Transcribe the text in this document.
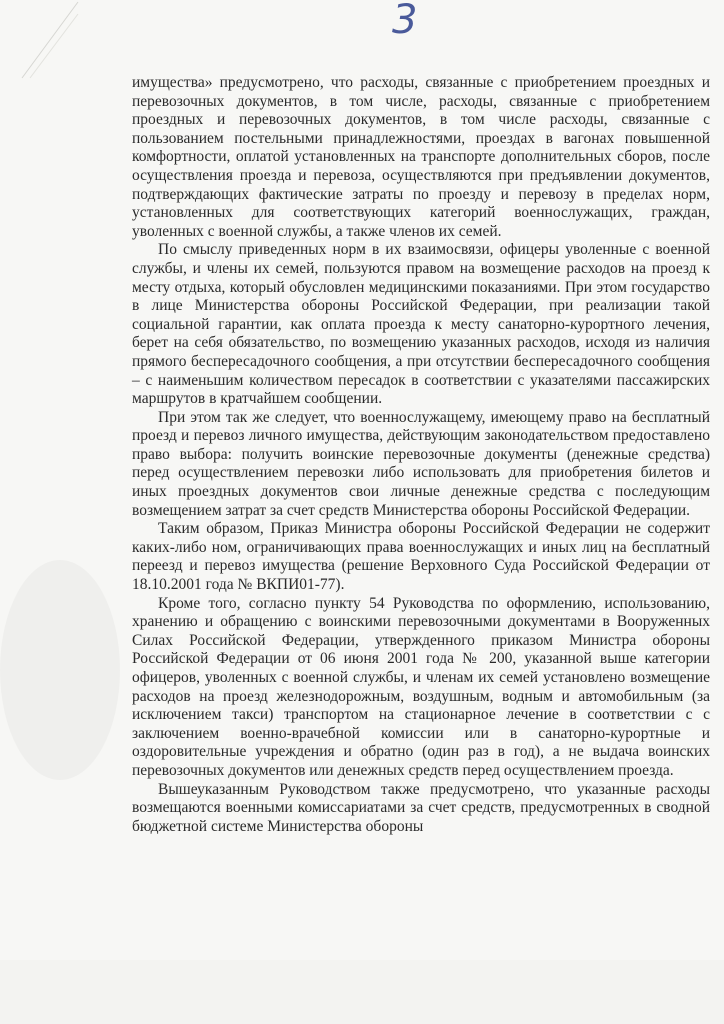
3

имущества» предусмотрено, что расходы, связанные с приобретением проездных и перевозочных документов, в том числе, расходы, связанные с приобретением проездных и перевозочных документов, в том числе расходы, связанные с пользованием постельными принадлежностями, проездах в вагонах повышенной комфортности, оплатой установленных на транспорте дополнительных сборов, после осуществления проезда и перевоза, осуществляются при предъявлении документов, подтверждающих фактические затраты по проезду и перевозу в пределах норм, установленных для соответствующих категорий военнослужащих, граждан, уволенных с военной службы, а также членов их семей.

По смыслу приведенных норм в их взаимосвязи, офицеры уволенные с военной службы, и члены их семей, пользуются правом на возмещение расходов на проезд к месту отдыха, который обусловлен медицинскими показаниями. При этом государство в лице Министерства обороны Российской Федерации, при реализации такой социальной гарантии, как оплата проезда к месту санаторно-курортного лечения, берет на себя обязательство, по возмещению указанных расходов, исходя из наличия прямого беспересадочного сообщения, а при отсутствии беспересадочного сообщения – с наименьшим количеством пересадок в соответствии с указателями пассажирских маршрутов в кратчайшем сообщении.

При этом так же следует, что военнослужащему, имеющему право на бесплатный проезд и перевоз личного имущества, действующим законодательством предоставлено право выбора: получить воинские перевозочные документы (денежные средства) перед осуществлением перевозки либо использовать для приобретения билетов и иных проездных документов свои личные денежные средства с последующим возмещением затрат за счет средств Министерства обороны Российской Федерации.

Таким образом, Приказ Министра обороны Российской Федерации не содержит каких-либо ном, ограничивающих права военнослужащих и иных лиц на бесплатный переезд и перевоз имущества (решение Верховного Суда Российской Федерации от 18.10.2001 года № ВКПИ01-77).

Кроме того, согласно пункту 54 Руководства по оформлению, использованию, хранению и обращению с воинскими перевозочными документами в Вооруженных Силах Российской Федерации, утвержденного приказом Министра обороны Российской Федерации от 06 июня 2001 года № 200, указанной выше категории офицеров, уволенных с военной службы, и членам их семей установлено возмещение расходов на проезд железнодорожным, воздушным, водным и автомобильным (за исключением такси) транспортом на стационарное лечение в соответствии с с заключением военно-врачебной комиссии или в санаторно-курортные и оздоровительные учреждения и обратно (один раз в год), а не выдача воинских перевозочных документов или денежных средств перед осуществлением проезда.

Вышеуказанным Руководством также предусмотрено, что указанные расходы возмещаются военными комиссариатами за счет средств, предусмотренных в сводной бюджетной системе Министерства обороны
